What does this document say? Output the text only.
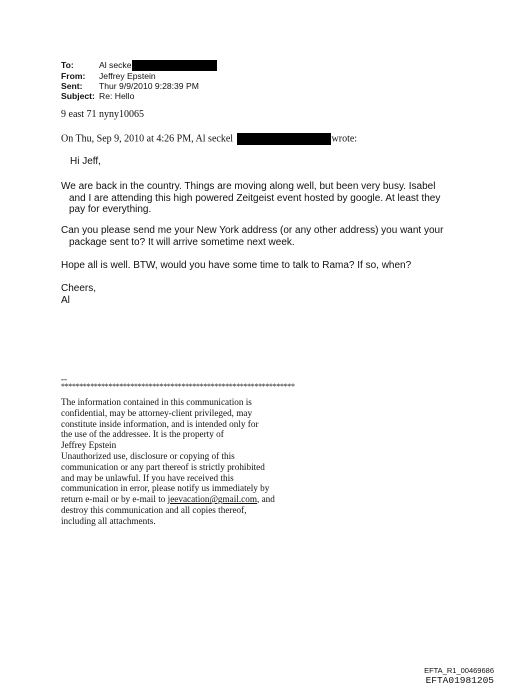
To:	Al secke
From:	Jeffrey Epstein
Sent:	Thur 9/9/2010 9:28:39 PM
Subject: Re: Hello
9 east 71 nyny10065
On Thu, Sep 9, 2010 at 4:26 PM, Al seckel	wrote:
Hi Jeff,
We are back in the country. Things are moving along well, but been very busy. Isabel
and I are attending this high powered Zeitgeist event hosted by google. At least they
pay for everything.
Can you please send me your New York address (or any other address) you want your
package sent to? It will arrive sometime next week.
Hope all is well. BTW, would you have some time to talk to Rama? If so, when?
Cheers,
Al
--
****************************************************************
The information contained in this communication is
confidential, may be attorney-client privileged, may
constitute inside information, and is intended only for
the use of the addressee. It is the property of
Jeffrey Epstein
Unauthorized use, disclosure or copying of this
communication or any part thereof is strictly prohibited
and may be unlawful. If you have received this
communication in error, please notify us immediately by
return e-mail or by e-mail to jeevacation@gmail.com, and
destroy this communication and all copies thereof,
including all attachments.
EFTA_R1_00469686
EFTA01981205
